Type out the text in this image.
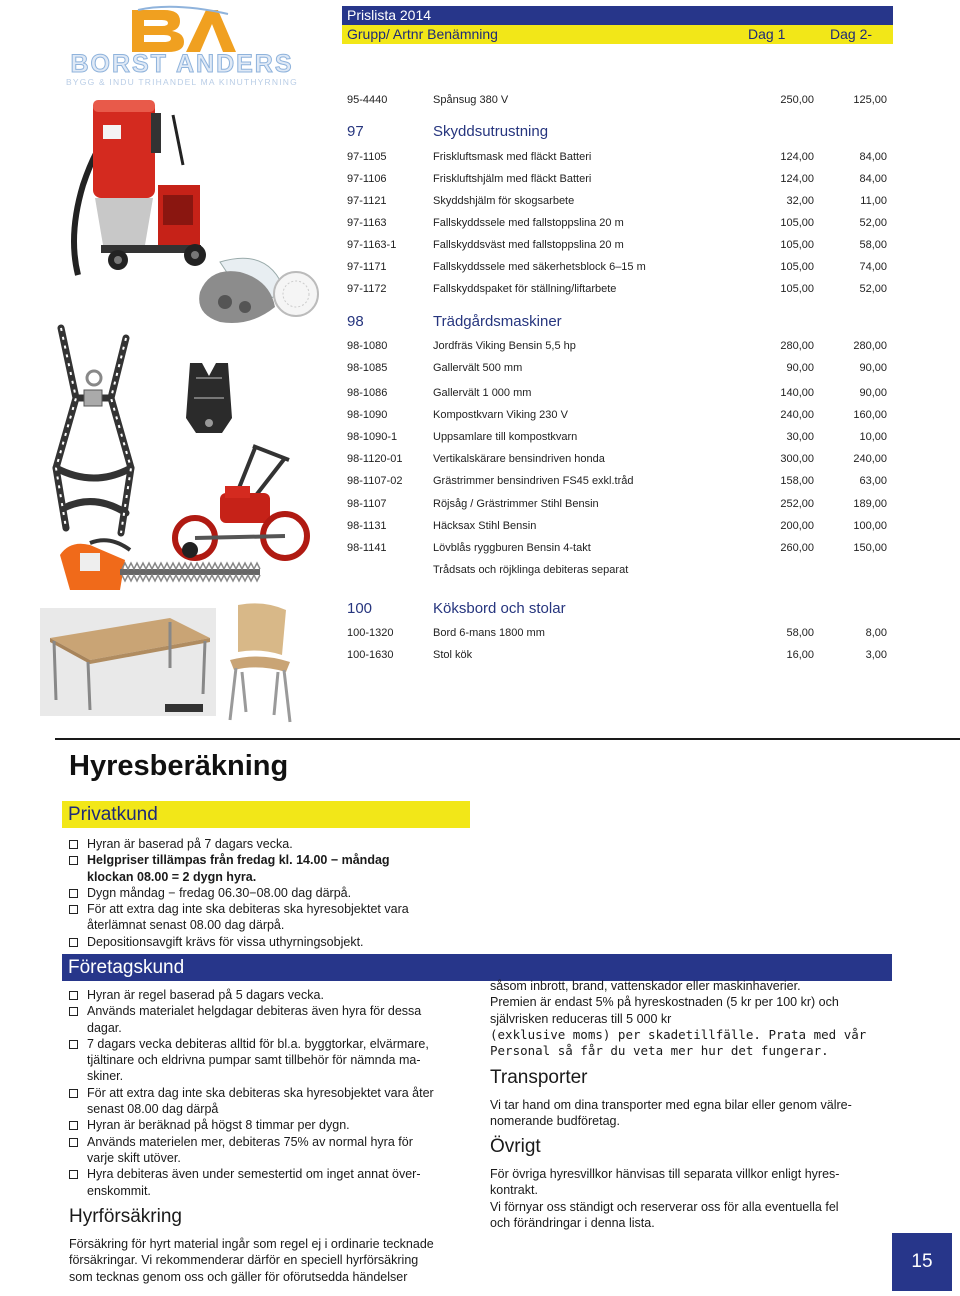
BORST ANDERS
BYGG & INDU TRIHANDEL MA KINUTHYRNING
Prislista 2014
Grupp/ Artnr Benämning	Dag 1	Dag 2-
95-4440	Spånsug 380 V	250,00	125,00
97	Skyddsutrustning
97-1105	Friskluftsmask med fläckt Batteri	124,00	84,00
97-1106	Friskluftshjälm med fläckt Batteri	124,00	84,00
97-1121	Skyddshjälm för skogsarbete	32,00	11,00
97-1163	Fallskyddssele med fallstoppslina 20 m	105,00	52,00
97-1163-1	Fallskyddsväst med fallstoppslina 20 m	105,00	58,00
97-1171	Fallskyddssele med säkerhetsblock 6–15 m	105,00	74,00
97-1172	Fallskyddspaket för ställning/liftarbete	105,00	52,00
98	Trädgårdsmaskiner
98-1080	Jordfräs Viking Bensin 5,5 hp	280,00	280,00
98-1085	Gallervält 500 mm	90,00	90,00
98-1086	Gallervält 1 000 mm	140,00	90,00
98-1090	Kompostkvarn Viking 230 V	240,00	160,00
98-1090-1	Uppsamlare till kompostkvarn	30,00	10,00
98-1120-01	Vertikalskärare bensindriven honda	300,00	240,00
98-1107-02	Grästrimmer bensindriven FS45 exkl.tråd	158,00	63,00
98-1107	Röjsåg / Grästrimmer Stihl Bensin	252,00	189,00
98-1131	Häcksax Stihl Bensin	200,00	100,00
98-1141	Lövblås ryggburen Bensin 4-takt	260,00	150,00
Trådsats och röjklinga debiteras separat
100	Köksbord och stolar
100-1320	Bord 6-mans 1800 mm	58,00	8,00
100-1630	Stol kök	16,00	3,00
Hyresberäkning
Privatkund
Hyran är baserad på 7 dagars vecka.
Helgpriser tillämpas från fredag kl. 14.00 − måndag
klockan 08.00 = 2 dygn hyra.
Dygn måndag − fredag 06.30−08.00 dag därpå.
För att extra dag inte ska debiteras ska hyresobjektet vara
återlämnat senast 08.00 dag därpå.
Depositionsavgift krävs för vissa uthyrningsobjekt.
Företagskund
Hyran är regel baserad på 5 dagars vecka.
Används materialet helgdagar debiteras även hyra för dessa
dagar.
7 dagars vecka debiteras alltid för bl.a. byggtorkar, elvärmare,
tjältinare och eldrivna pumpar samt tillbehör för nämnda ma-
skiner.
För att extra dag inte ska debiteras ska hyresobjektet vara åter
senast 08.00 dag därpå
Hyran är beräknad på högst 8 timmar per dygn.
Används materielen mer, debiteras 75% av normal hyra för
varje skift utöver.
Hyra debiteras även under semestertid om inget annat över-
enskommit.
Hyrförsäkring
Försäkring för hyrt material ingår som regel ej i ordinarie tecknade
försäkringar. Vi rekommenderar därför en speciell hyrförsäkring
som tecknas genom oss och gäller för oförutsedda händelser
såsom inbrott, brand, vattenskador eller maskinhaverier.
Premien är endast 5% på hyreskostnaden (5 kr per 100 kr) och
självrisken reduceras till 5 000 kr
(exklusive moms) per skadetillfälle. Prata med vår
Personal så får du veta mer hur det fungerar.
Transporter
Vi tar hand om dina transporter med egna bilar eller genom välre-
nomerande budföretag.
Övrigt
För övriga hyresvillkor hänvisas till separata villkor enligt hyres-
kontrakt.
Vi förnyar oss ständigt och reserverar oss för alla eventuella fel
och förändringar i denna lista.
15
